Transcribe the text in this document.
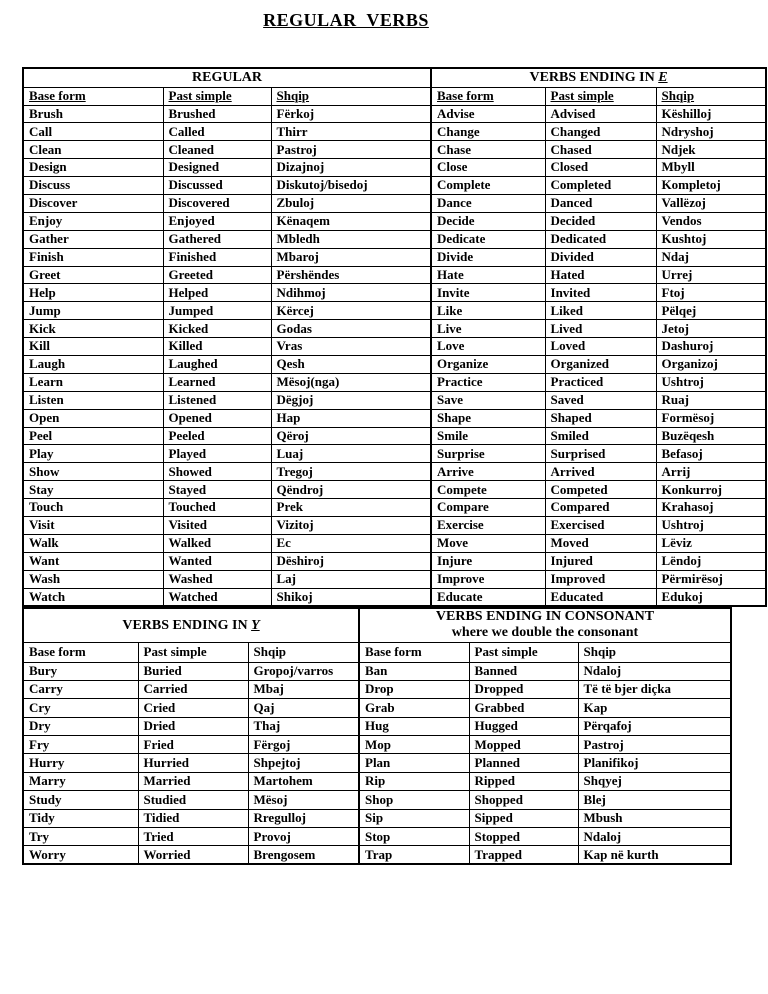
REGULAR  VERBS
REGULAR			VERBS ENDING IN E		
Base form	Past simple	Shqip	Base form	Past simple	Shqip
Brush	Brushed	Fërkoj	Advise	Advised	Këshilloj
Call	Called	Thirr	Change	Changed	Ndryshoj
Clean	Cleaned	Pastroj	Chase	Chased	Ndjek
Design	Designed	Dizajnoj	Close	Closed	Mbyll
Discuss	Discussed	Diskutoj/bisedoj	Complete	Completed	Kompletoj
Discover	Discovered	Zbuloj	Dance	Danced	Vallëzoj
Enjoy	Enjoyed	Kënaqem	Decide	Decided	Vendos
Gather	Gathered	Mbledh	Dedicate	Dedicated	Kushtoj
Finish	Finished	Mbaroj	Divide	Divided	Ndaj
Greet	Greeted	Përshëndes	Hate	Hated	Urrej
Help	Helped	Ndihmoj	Invite	Invited	Ftoj
Jump	Jumped	Kërcej	Like	Liked	Pëlqej
Kick	Kicked	Godas	Live	Lived	Jetoj
Kill	Killed	Vras	Love	Loved	Dashuroj
Laugh	Laughed	Qesh	Organize	Organized	Organizoj
Learn	Learned	Mësoj(nga)	Practice	Practiced	Ushtroj
Listen	Listened	Dëgjoj	Save	Saved	Ruaj
Open	Opened	Hap	Shape	Shaped	Formësoj
Peel	Peeled	Qëroj	Smile	Smiled	Buzëqesh
Play	Played	Luaj	Surprise	Surprised	Befasoj
Show	Showed	Tregoj	Arrive	Arrived	Arrij
Stay	Stayed	Qëndroj	Compete	Competed	Konkurroj
Touch	Touched	Prek	Compare	Compared	Krahasoj
Visit	Visited	Vizitoj	Exercise	Exercised	Ushtroj
Walk	Walked	Ec	Move	Moved	Lëviz
Want	Wanted	Dëshiroj	Injure	Injured	Lëndoj
Wash	Washed	Laj	Improve	Improved	Përmirësoj
Watch	Watched	Shikoj	Educate	Educated	Edukoj
VERBS ENDING IN Y			VERBS ENDING IN CONSONANT
where we double the consonant		

Base form	Past simple	Shqip	Base form	Past simple	Shqip
Bury	Buried	Gropoj/varros	Ban	Banned	Ndaloj
Carry	Carried	Mbaj	Drop	Dropped	Të të bjer diçka
Cry	Cried	Qaj	Grab	Grabbed	Kap
Dry	Dried	Thaj	Hug	Hugged	Përqafoj
Fry	Fried	Fërgoj	Mop	Mopped	Pastroj
Hurry	Hurried	Shpejtoj	Plan	Planned	Planifikoj
Marry	Married	Martohem	Rip	Ripped	Shqyej
Study	Studied	Mësoj	Shop	Shopped	Blej
Tidy	Tidied	Rregulloj	Sip	Sipped	Mbush
Try	Tried	Provoj	Stop	Stopped	Ndaloj
Worry	Worried	Brengosem	Trap	Trapped	Kap në kurth
